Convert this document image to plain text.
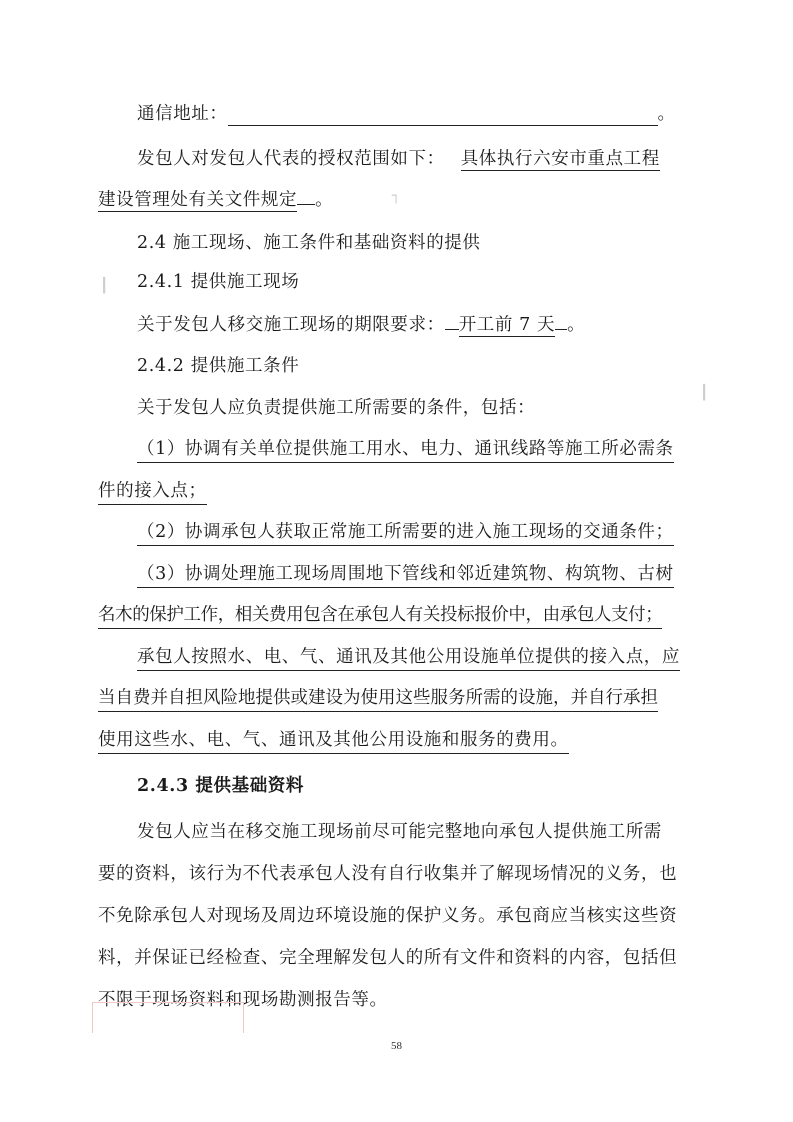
┐
┃
┃
通信地址：	。
发包人对发包人代表的授权范围如下： 具体执行六安市重点工程
建设管理处有关文件规定 。
2.4 施工现场、施工条件和基础资料的提供
2.4.1 提供施工现场
关于发包人移交施工现场的期限要求： 开工前 7 天 。
2.4.2 提供施工条件
关于发包人应负责提供施工所需要的条件，包括：
（1）协调有关单位提供施工用水、电力、通讯线路等施工所必需条
件的接入点；
（2）协调承包人获取正常施工所需要的进入施工现场的交通条件；
（3）协调处理施工现场周围地下管线和邻近建筑物、构筑物、古树
名木的保护工作，相关费用包含在承包人有关投标报价中，由承包人支付；
承包人按照水、电、气、通讯及其他公用设施单位提供的接入点，应
当自费并自担风险地提供或建设为使用这些服务所需的设施，并自行承担
使用这些水、电、气、通讯及其他公用设施和服务的费用。
2.4.3 提供基础资料
发包人应当在移交施工现场前尽可能完整地向承包人提供施工所需
要的资料，该行为不代表承包人没有自行收集并了解现场情况的义务，也
不免除承包人对现场及周边环境设施的保护义务。承包商应当核实这些资
料，并保证已经检查、完全理解发包人的所有文件和资料的内容，包括但
不限于现场资料和现场勘测报告等。
58
